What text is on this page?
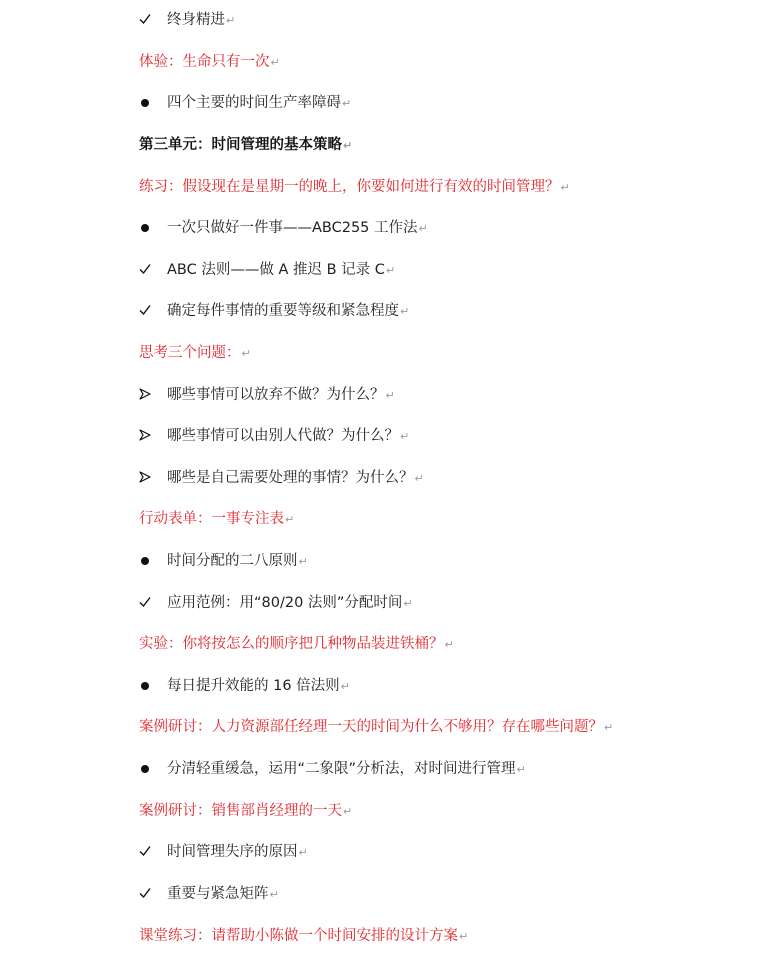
终身精进↵
体验：生命只有一次↵
四个主要的时间生产率障碍↵
第三单元：时间管理的基本策略↵
练习：假设现在是星期一的晚上，你要如何进行有效的时间管理？↵
一次只做好一件事——ABC255 工作法↵
ABC 法则——做 A 推迟 B 记录 C↵
确定每件事情的重要等级和紧急程度↵
思考三个问题：↵
哪些事情可以放弃不做？为什么？↵
哪些事情可以由别人代做？为什么？↵
哪些是自己需要处理的事情？为什么？↵
行动表单：一事专注表↵
时间分配的二八原则↵
应用范例：用“80/20 法则”分配时间↵
实验：你将按怎么的顺序把几种物品装进铁桶？↵
每日提升效能的 16 倍法则↵
案例研讨：人力资源部任经理一天的时间为什么不够用？存在哪些问题？↵
分清轻重缓急，运用“二象限”分析法，对时间进行管理↵
案例研讨：销售部肖经理的一天↵
时间管理失序的原因↵
重要与紧急矩阵↵
课堂练习：请帮助小陈做一个时间安排的设计方案↵
